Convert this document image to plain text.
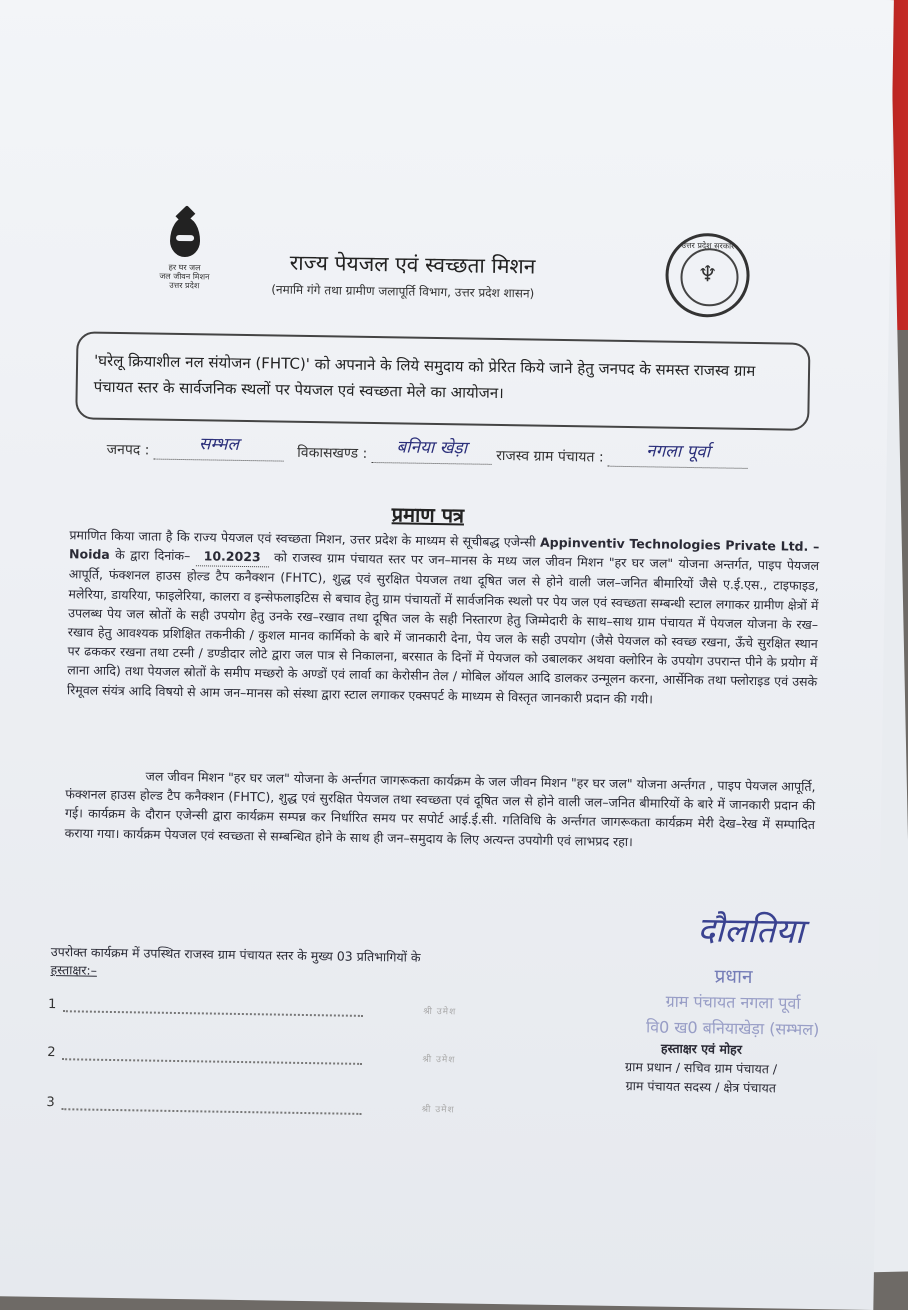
हर घर जल
जल जीवन मिशन
उत्तर प्रदेश
राज्य पेयजल एवं स्वच्छता मिशन
(नमामि गंगे तथा ग्रामीण जलापूर्ति विभाग, उत्तर प्रदेश शासन)
उत्तर प्रदेश सरकार
♆
'घरेलू क्रियाशील नल संयोजन (FHTC)' को अपनाने के लिये समुदाय को प्रेरित किये जाने हेतु जनपद के समस्त राजस्व ग्राम पंचायत स्तर के सार्वजनिक स्थलों पर पेयजल एवं स्वच्छता मेले का आयोजन।
जनपद :	सम्भल	विकासखण्ड :	बनिया खेड़ा	राजस्व ग्राम पंचायत :	नगला पूर्वा

प्रमाण पत्र
प्रमाणित किया जाता है कि राज्य पेयजल एवं स्वच्छता मिशन, उत्तर प्रदेश के माध्यम से सूचीबद्ध एजेन्सी Appinventiv Technologies Private Ltd. – Noida के द्वारा दिनांक– 10.2023 को राजस्व ग्राम पंचायत स्तर पर जन–मानस के मध्य जल जीवन मिशन "हर घर जल" योजना अन्तर्गत, पाइप पेयजल आपूर्ति, फंक्शनल हाउस होल्ड टैप कनैक्शन (FHTC), शुद्ध एवं सुरक्षित पेयजल तथा दूषित जल से होने वाली जल–जनित बीमारियों जैसे ए.ई.एस., टाइफाइड, मलेरिया, डायरिया, फाइलेरिया, कालरा व इन्सेफलाइटिस से बचाव हेतु ग्राम पंचायतों में सार्वजनिक स्थलो पर पेय जल एवं स्वच्छता सम्बन्धी स्टाल लगाकर ग्रामीण क्षेत्रों में उपलब्ध पेय जल स्रोतों के सही उपयोग हेतु उनके रख–रखाव तथा दूषित जल के सही निस्तारण हेतु जिम्मेदारी के साथ–साथ ग्राम पंचायत में पेयजल योजना के रख–रखाव हेतु आवश्यक प्रशिक्षित तकनीकी / कुशल मानव कार्मिको के बारे में जानकारी देना, पेय जल के सही उपयोग (जैसे पेयजल को स्वच्छ रखना, ऊँचे सुरक्षित स्थान पर ढककर रखना तथा टस्नी / डण्डीदार लोटे द्वारा जल पात्र से निकालना, बरसात के दिनों में पेयजल को उबालकर अथवा क्लोरिन के उपयोग उपरान्त पीने के प्रयोग में लाना आदि) तथा पेयजल स्रोतों के समीप मच्छरो के अण्डों एवं लार्वा का केरोसीन तेल / मोबिल ऑयल आदि डालकर उन्मूलन करना, आर्सेनिक तथा फ्लोराइड एवं उसके रिमूवल संयंत्र आदि विषयो से आम जन–मानस को संस्था द्वारा स्टाल लगाकर एक्सपर्ट के माध्यम से विस्तृत जानकारी प्रदान की गयी।
जल जीवन मिशन "हर घर जल" योजना के अर्न्तगत जागरूकता कार्यक्रम के जल जीवन मिशन "हर घर जल" योजना अर्न्तगत , पाइप पेयजल आपूर्ति, फंक्शनल हाउस होल्ड टैप कनैक्शन (FHTC), शुद्ध एवं सुरक्षित पेयजल तथा स्वच्छता एवं दूषित जल से होने वाली जल–जनित बीमारियों के बारे में जानकारी प्रदान की गई। कार्यक्रम के दौरान एजेन्सी द्वारा कार्यक्रम सम्पन्न कर निर्धारित समय पर सपोर्ट आई.ई.सी. गतिविधि के अर्न्तगत जागरूकता कार्यक्रम मेरी देख–रेख में सम्पादित कराया गया। कार्यक्रम पेयजल एवं स्वच्छता से सम्बन्धित होने के साथ ही जन–समुदाय के लिए अत्यन्त उपयोगी एवं लाभप्रद रहा।
दौलतिया
प्रधान
ग्राम पंचायत नगला पूर्वा
वि0 ख0 बनियाखेड़ा (सम्भल)
हस्ताक्षर एवं मोहर
ग्राम प्रधान / सचिव ग्राम पंचायत /
ग्राम पंचायत सदस्य / क्षेत्र पंचायत
उपरोक्त कार्यक्रम में उपस्थित राजस्व ग्राम पंचायत स्तर के मुख्य 03 प्रतिभागियों के
हस्ताक्षर:–
1श्री उमेश
2श्री उमेश
3श्री उमेश
